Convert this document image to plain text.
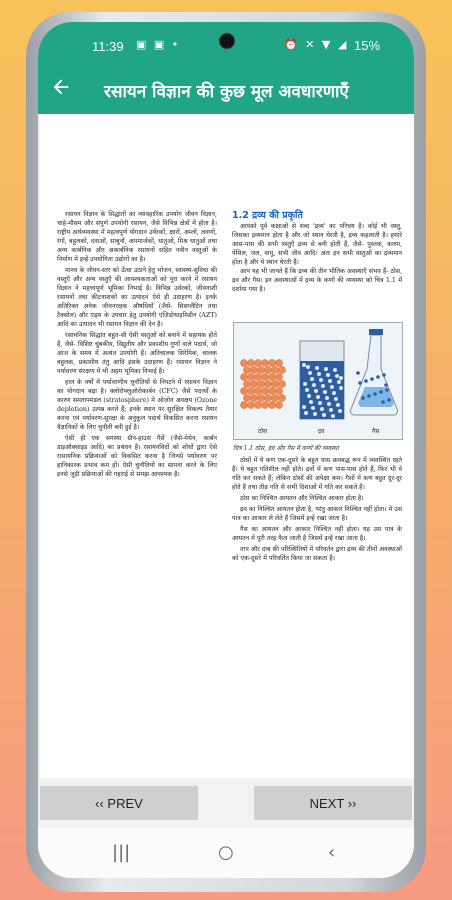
11:39 ▣ ▣ •	⏰ ✕ ▼ ◢ 15%
रसायन विज्ञान की कुछ मूल अवधारणाएँ

रसायन विज्ञान के सिद्धांतों का व्यावहारिक उपयोग जीवन विज्ञान, चाहे-मौसम और संपूर्ण उपयोगी रसायन, जैसे विभिन्न क्षेत्रों में होता है। राष्ट्रीय अर्थव्यवस्था में महत्वपूर्ण योगदान उर्वरकों, क्षारों, अम्लों, लवणों, रंगों, बहुलकों, दवाओं, साबुनों, अपमार्जकों, धातुओं, मिश्र धातुओं तथा अन्य कार्बनिक और अकार्बनिक रसायनों सहित नवीन वस्तुओं के निर्माण में इन्हें उपयोगिता उद्योगों का है।

मानव के जीवन-स्तर को ऊँचा उठाने हेतु भोजन, स्वास्थ्य-सुविधा की वस्तुएँ और अन्य वस्तुएँ की आवश्यकताओं को पूरा करने में रसायन विज्ञान ने महत्त्वपूर्ण भूमिका निभाई है। विभिन्न उर्वरकों, जीवनाशी रसायनों तथा कीटनाशकों का उत्पादन ऐसे ही उदाहरण है। इनके अतिरिक्त अनेक जीवनरक्षक औषधियाँ (जैसे- सिसप्लैटिन तथा टैक्सोल) और एड्स के उपचार हेतु उपयोगी एज़िडोथाइमिडीन (AZT) आदि का उत्पादन भी रसायन विज्ञान की देन है।

रसायनिक सिद्धांत बहुत-सी ऐसी वस्तुओं को बनाने में सहायक होते हैं, जैसे- विशिष्ट चुंबकीय, विद्युतीय और प्रकाशीय गुणों वाले पदार्थ, जो आज के समय में अत्यंत उपयोगी हैं। अतिचालक सिरेमिक, चालक बहुलक, प्रकाशीय तंतु आदि इसके उदाहरण हैं। रसायन विज्ञान ने पर्यावरण संरक्षण में भी अहम भूमिका निभाई है।

हाल के वर्षों में पर्यावरणीय चुनौतियों से निपटने में रसायन विज्ञान का योगदान बढ़ा है। क्लोरोफ्लुओरोकार्बन (CFC) जैसे पदार्थों के कारण समतापमंडल (stratosphere) में ओज़ोन अवक्षय (Ozone depletion) उत्पन्न करते हैं; इनके स्थान पर सुरक्षित विकल्प तैयार करना एवं पर्यावरण-सुरक्षा के अनुकूल पदार्थ विकसित करना रसायन वैज्ञानिकों के लिए चुनौती बनी हुई है।

ऐसी ही एक समस्या ग्रीन-हाउस गैसें (जैसे-मेथेन, कार्बन डाइऑक्साइड आदि) का प्रबंधन है। रसायनविदों को शोधों द्वारा ऐसे रासायनिक प्रक्रियाओं को विकसित करना है जिनसे पर्यावरण पर हानिकारक प्रभाव कम हों। ऐसी चुनौतियों का सामना करने के लिए इनसे जुड़ी प्रक्रियाओं की गहराई से समझ आवश्यक है।

1.2 द्रव्य की प्रकृति

आपको पूर्व कक्षाओं से शब्द 'द्रव्य' का परिचय है। कोई भी वस्तु, जिसका द्रव्यमान होता है और जो स्थान घेरती है, द्रव्य कहलाती है। हमारे आस-पास की सभी वस्तुएँ द्रव्य से बनी होती हैं, जैसे- पुस्तक, कलम, पेंसिल, जल, वायु, सभी जीव आदि। अतः इन सभी वस्तुओं का द्रव्यमान होता है और ये स्थान घेरती हैं।

आप यह भी जानते हैं कि द्रव्य की तीन भौतिक अवस्थाएँ संभव हैं- ठोस, द्रव और गैस। इन अवस्थाओं में द्रव्य के कणों की व्यवस्था को चित्र 1.1 में दर्शाया गया है।

ठोस	द्रव	गैस
चित्र 1.1 ठोस, द्रव और गैस में कणों की व्यवस्था

ठोसों में ये कण एक-दूसरे के बहुत पास क्रमबद्ध रूप में व्यवस्थित रहते हैं। ये बहुत गतिशील नहीं होते। द्रवों में कण पास-पास होते हैं, फिर भी वे गति कर सकते हैं; लेकिन ठोसों की अपेक्षा कम। गैसों में कण बहुत दूर-दूर होते हैं तथा तीव्र गति से सभी दिशाओं में गति कर सकते हैं।

ठोस का निश्चित आयतन और निश्चित आकार होता है।

द्रव का निश्चित आयतन होता है, परंतु आकार निश्चित नहीं होता। ये उस पात्र का आकार ले लेते हैं जिसमें इन्हें रखा जाता है।

गैस का आयतन और आकार निश्चित नहीं होता। यह उस पात्र के आयतन में पूरी तरह फैल जाती है जिसमें इन्हें रखा जाता है।

ताप और दाब की परिस्थितियों में परिवर्तन द्वारा द्रव्य की तीनों अवस्थाओं को एक-दूसरे में परिवर्तित किया जा सकता है।

‹‹ PREV	NEXT ››
|||	○	‹
